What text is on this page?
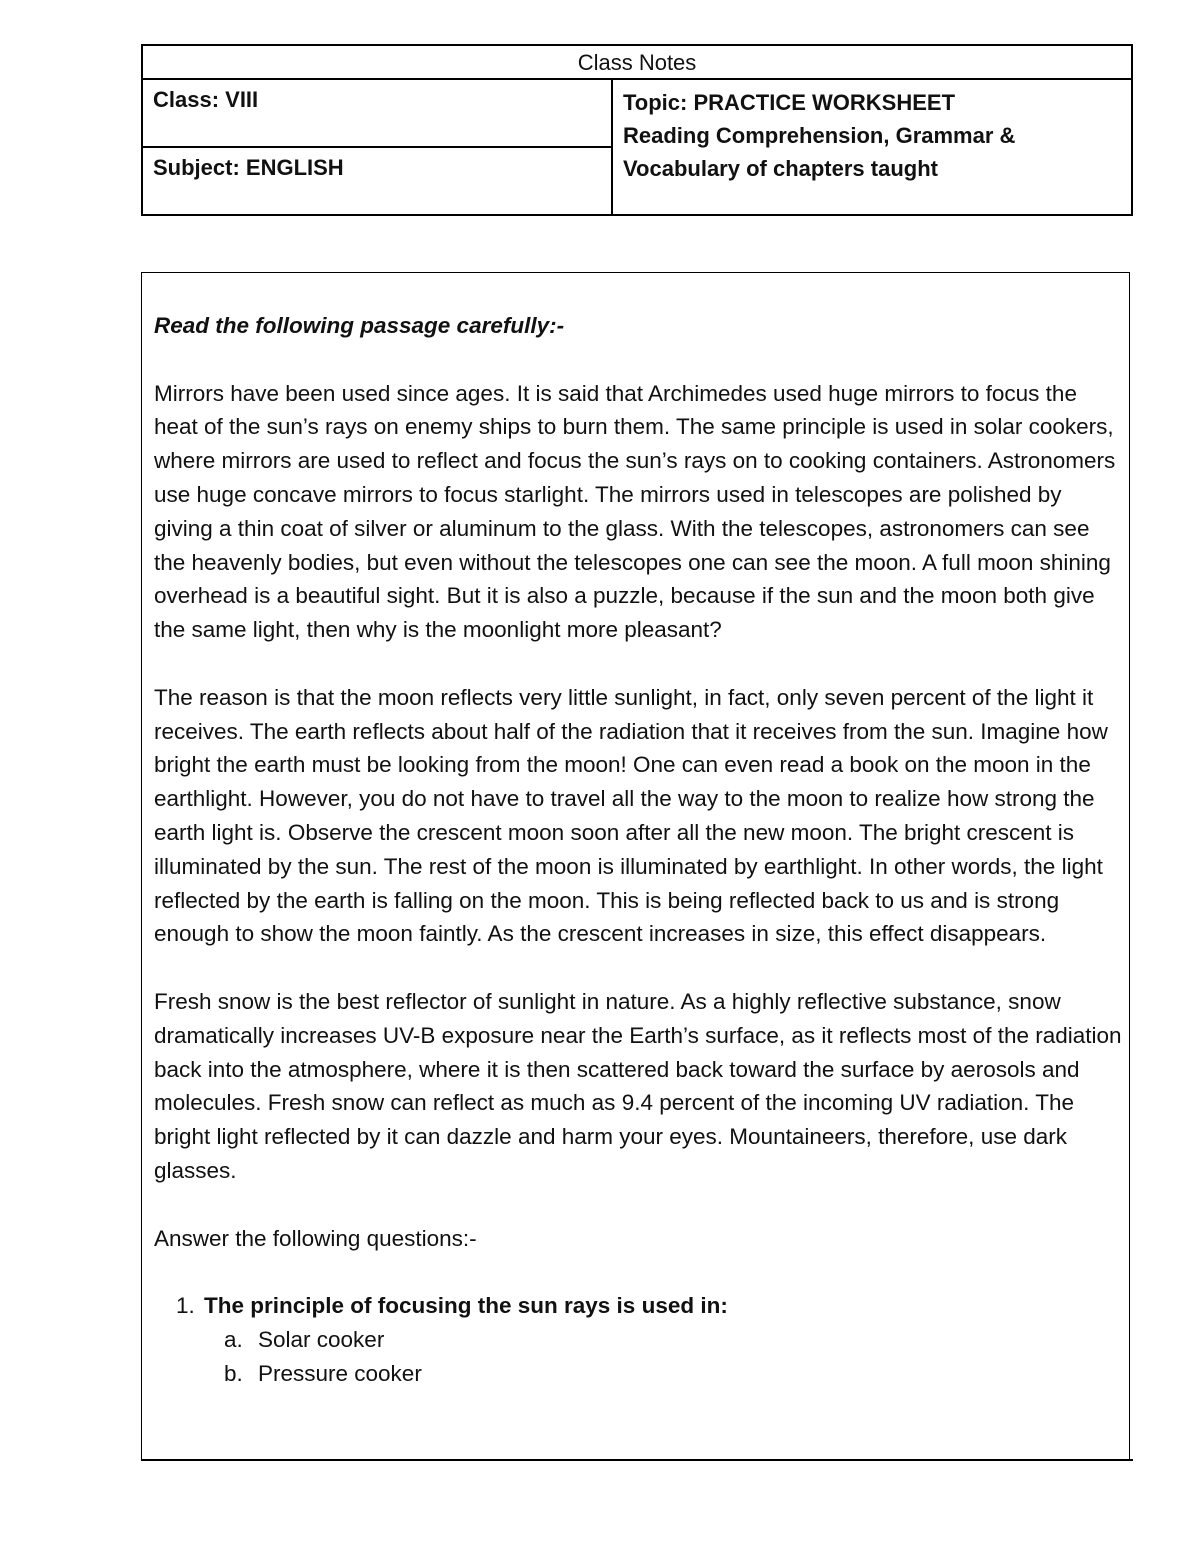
Class Notes
Class: VIII
Subject: ENGLISH
Topic: PRACTICE WORKSHEET
Reading Comprehension, Grammar &
Vocabulary of chapters taught

Read the following passage carefully:-

Mirrors have been used since ages. It is said that Archimedes used huge mirrors to focus the heat of the sun’s rays on enemy ships to burn them. The same principle is used in solar cookers, where mirrors are used to reflect and focus the sun’s rays on to cooking containers. Astronomers use huge concave mirrors to focus starlight. The mirrors used in telescopes are polished by giving a thin coat of silver or aluminum to the glass. With the telescopes, astronomers can see the heavenly bodies, but even without the telescopes one can see the moon. A full moon shining overhead is a beautiful sight. But it is also a puzzle, because if the sun and the moon both give the same light, then why is the moonlight more pleasant?

The reason is that the moon reflects very little sunlight, in fact, only seven percent of the light it receives. The earth reflects about half of the radiation that it receives from the sun. Imagine how bright the earth must be looking from the moon! One can even read a book on the moon in the earthlight. However, you do not have to travel all the way to the moon to realize how strong the earth light is. Observe the crescent moon soon after all the new moon. The bright crescent is illuminated by the sun. The rest of the moon is illuminated by earthlight. In other words, the light reflected by the earth is falling on the moon. This is being reflected back to us and is strong enough to show the moon faintly. As the crescent increases in size, this effect disappears.

Fresh snow is the best reflector of sunlight in nature. As a highly reflective substance, snow dramatically increases UV-B exposure near the Earth’s surface, as it reflects most of the radiation back into the atmosphere, where it is then scattered back toward the surface by aerosols and molecules. Fresh snow can reflect as much as 9.4 percent of the incoming UV radiation. The bright light reflected by it can dazzle and harm your eyes. Mountaineers, therefore, use dark glasses.

Answer the following questions:-

1. The principle of focusing the sun rays is used in:

a. Solar cooker

b. Pressure cooker
